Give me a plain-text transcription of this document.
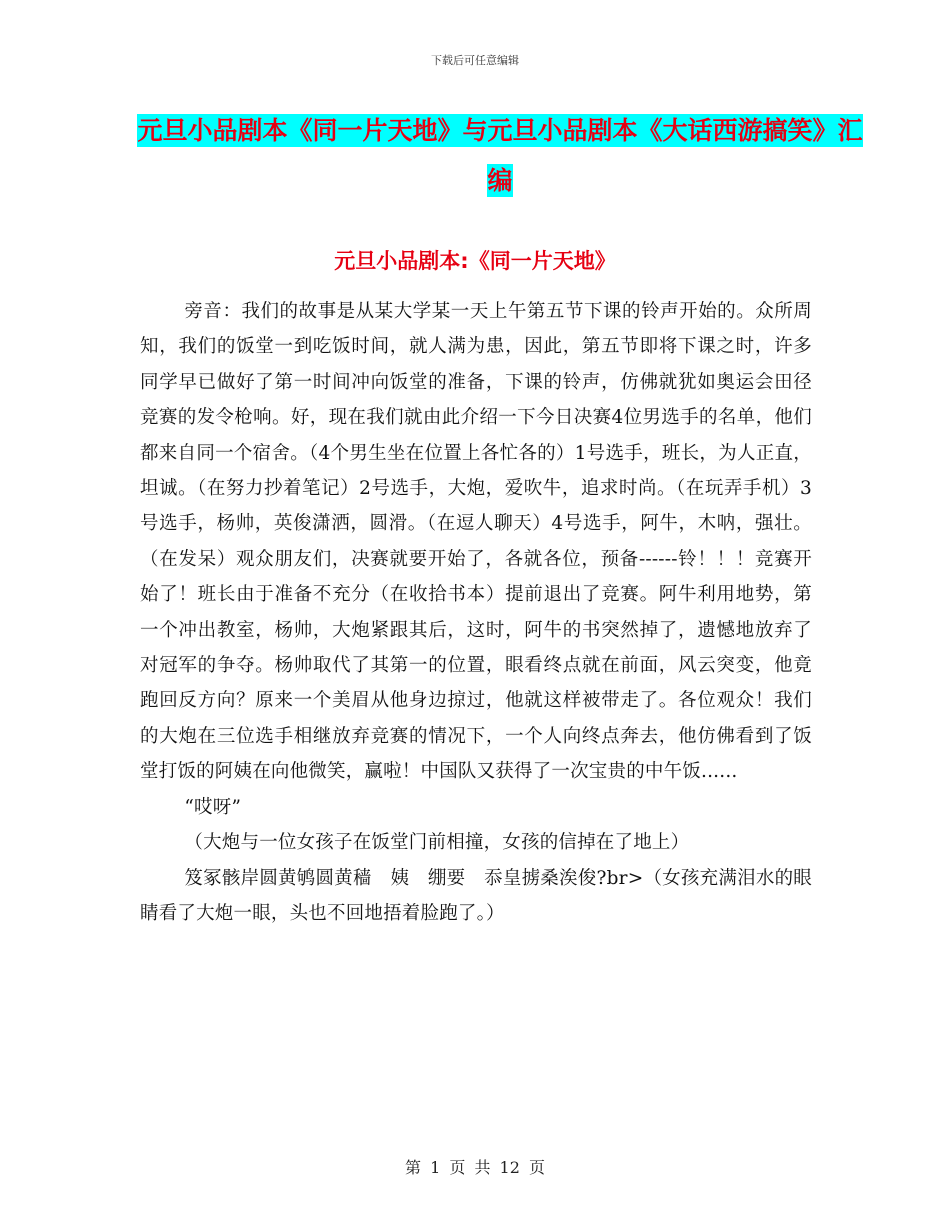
下载后可任意编辑
元旦小品剧本《同一片天地》与元旦小品剧本《大话西游搞笑》汇编
元旦小品剧本:《同一片天地》

旁音：我们的故事是从某大学某一天上午第五节下课的铃声开始的。众所周知，我们的饭堂一到吃饭时间，就人满为患，因此，第五节即将下课之时，许多同学早已做好了第一时间冲向饭堂的准备，下课的铃声，仿佛就犹如奥运会田径竞赛的发令枪响。好，现在我们就由此介绍一下今日决赛4位男选手的名单，他们都来自同一个宿舍。（4个男生坐在位置上各忙各的）1号选手，班长，为人正直，坦诚。（在努力抄着笔记）2号选手，大炮，爱吹牛，追求时尚。（在玩弄手机）3号选手，杨帅，英俊潇洒，圆滑。（在逗人聊天）4号选手，阿牛，木呐，强壮。（在发呆）观众朋友们，决赛就要开始了，各就各位，预备------铃！！！竞赛开始了！班长由于准备不充分（在收拾书本）提前退出了竞赛。阿牛利用地势，第一个冲出教室，杨帅，大炮紧跟其后，这时，阿牛的书突然掉了，遗憾地放弃了对冠军的争夺。杨帅取代了其第一的位置，眼看终点就在前面，风云突变，他竟跑回反方向？原来一个美眉从他身边掠过，他就这样被带走了。各位观众！我们的大炮在三位选手相继放弃竞赛的情况下，一个人向终点奔去，他仿佛看到了饭堂打饭的阿姨在向他微笑，赢啦！中国队又获得了一次宝贵的中午饭......

“哎呀”

（大炮与一位女孩子在饭堂门前相撞，女孩的信掉在了地上）

笈冢骸岸圆黄鸲圆黄穑　姨　绷要　忝皇掳桑涘俊?br>（女孩充满泪水的眼睛看了大炮一眼，头也不回地捂着脸跑了。）

第 1 页 共 12 页
